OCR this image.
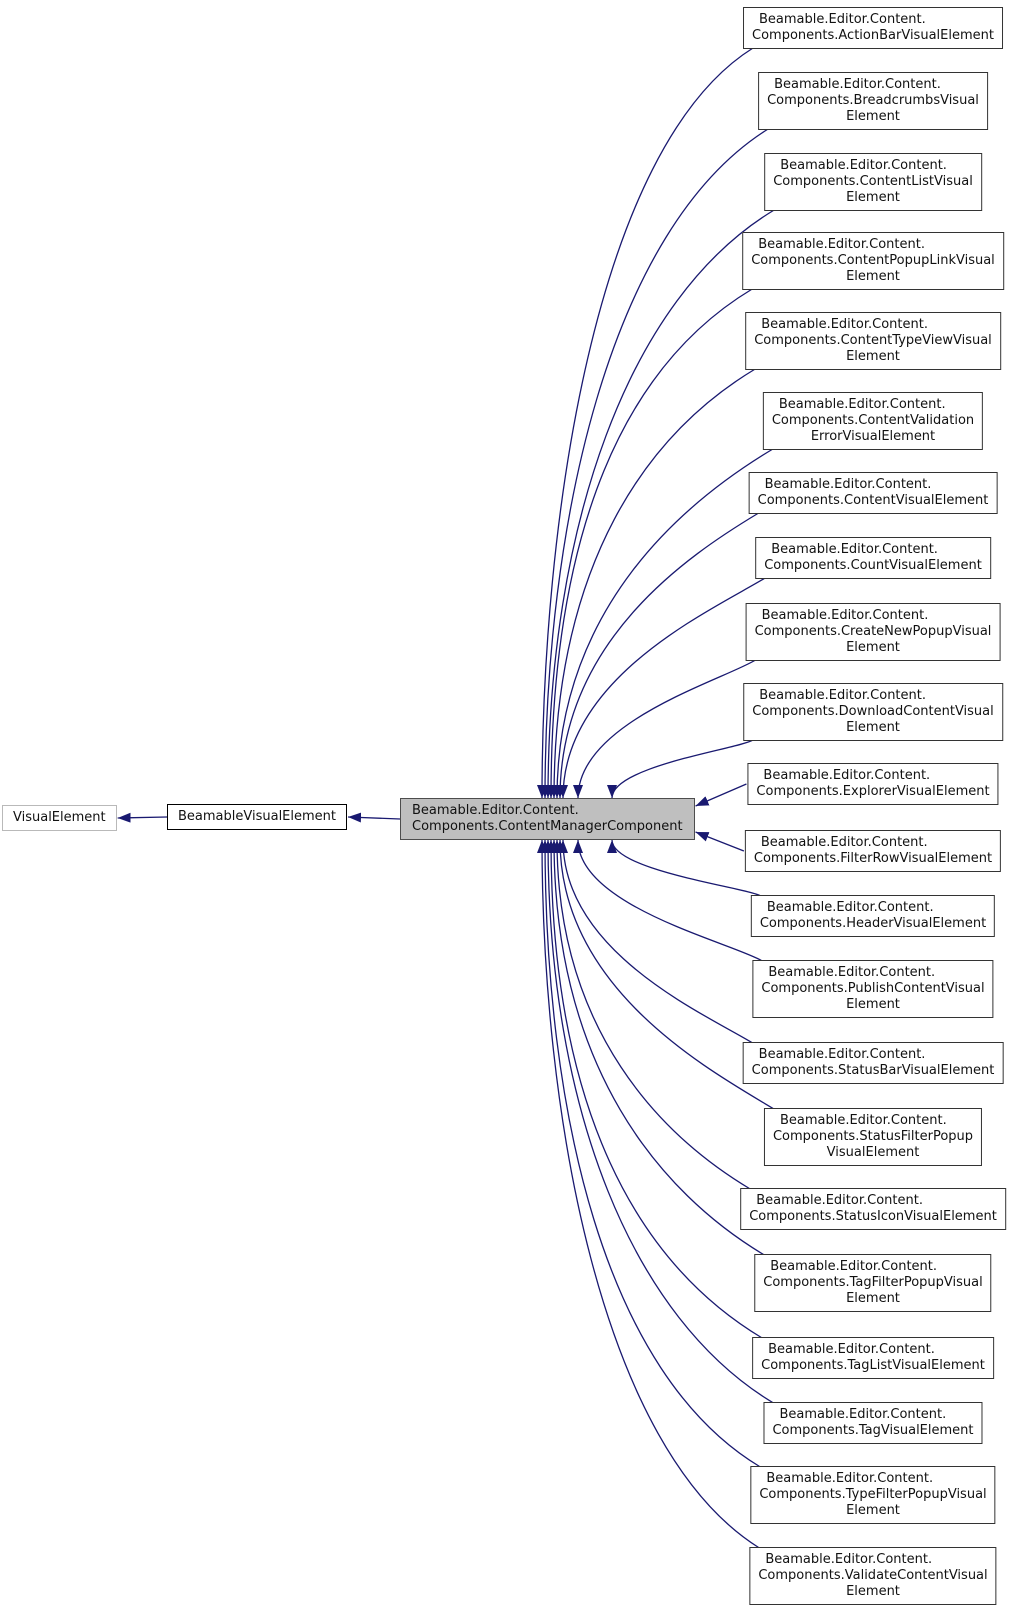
VisualElement	BeamableVisualElement	Beamable.Editor.Content.
Components.ContentManagerComponent
Beamable.Editor.Content.
Components.ActionBarVisualElement
Beamable.Editor.Content.
Components.BreadcrumbsVisual
Element
Beamable.Editor.Content.
Components.ContentListVisual
Element
Beamable.Editor.Content.
Components.ContentPopupLinkVisual
Element
Beamable.Editor.Content.
Components.ContentTypeViewVisual
Element
Beamable.Editor.Content.
Components.ContentValidation
ErrorVisualElement
Beamable.Editor.Content.
Components.ContentVisualElement
Beamable.Editor.Content.
Components.CountVisualElement
Beamable.Editor.Content.
Components.CreateNewPopupVisual
Element
Beamable.Editor.Content.
Components.DownloadContentVisual
Element
Beamable.Editor.Content.
Components.ExplorerVisualElement
Beamable.Editor.Content.
Components.FilterRowVisualElement
Beamable.Editor.Content.
Components.HeaderVisualElement
Beamable.Editor.Content.
Components.PublishContentVisual
Element
Beamable.Editor.Content.
Components.StatusBarVisualElement
Beamable.Editor.Content.
Components.StatusFilterPopup
VisualElement
Beamable.Editor.Content.
Components.StatusIconVisualElement
Beamable.Editor.Content.
Components.TagFilterPopupVisual
Element
Beamable.Editor.Content.
Components.TagListVisualElement
Beamable.Editor.Content.
Components.TagVisualElement
Beamable.Editor.Content.
Components.TypeFilterPopupVisual
Element
Beamable.Editor.Content.
Components.ValidateContentVisual
Element
